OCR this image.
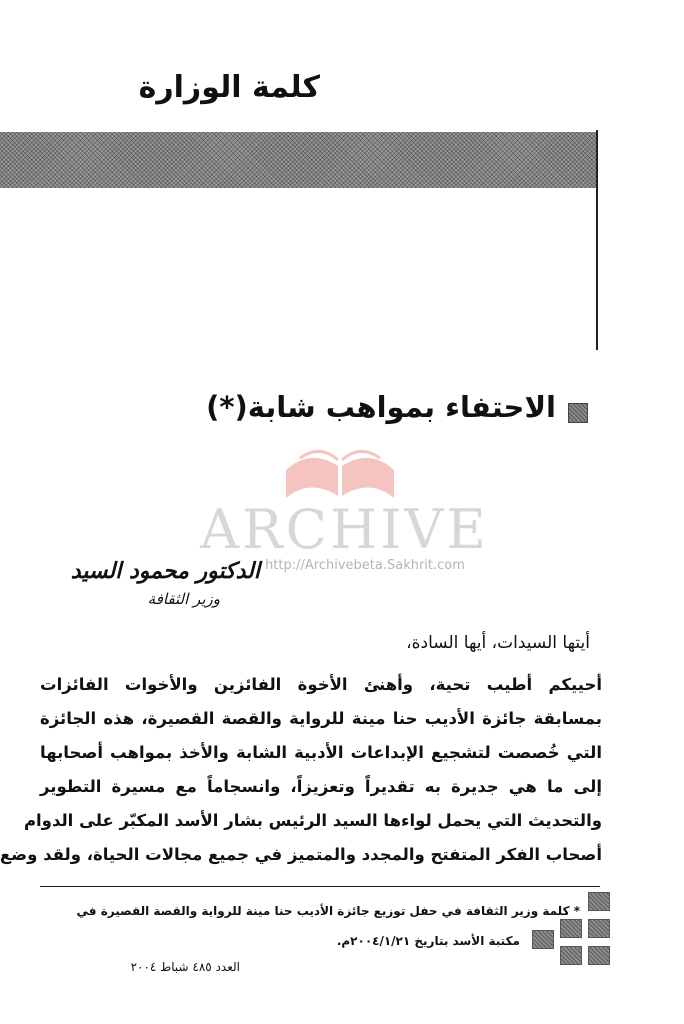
كلمة الوزارة
الاحتفاء بمواهب شابة(*)
ARCHIVE
http://Archivebeta.Sakhrit.com
الدكتور محمود السيد
وزير الثقافة
أيتها السيدات، أيها السادة،
أحييكم أطيب تحية، وأهنئ الأخوة الفائزين والأخوات الفائزات
بمسابقة جائزة الأديب حنا مينة للرواية والقصة القصيرة، هذه الجائزة
التي خُصصت لتشجيع الإبداعات الأدبية الشابة والأخذ بمواهب أصحابها
إلى ما هي جديرة به تقديراً وتعزيزاً، وانسجاماً مع مسيرة التطوير
والتحديث التي يحمل لواءها السيد الرئيس بشار الأسد المكبّر على الدوام
أصحاب الفكر المتفتح والمجدد والمتميز في جميع مجالات الحياة، ولقد وضع
* كلمة وزير الثقافة في حفل توزيع جائزة الأديب حنا مينة للرواية والقصة القصيرة في
مكتبة الأسد بتاريخ ٢٠٠٤/١/٢١م.
العدد ٤٨٥ شباط ٢٠٠٤
